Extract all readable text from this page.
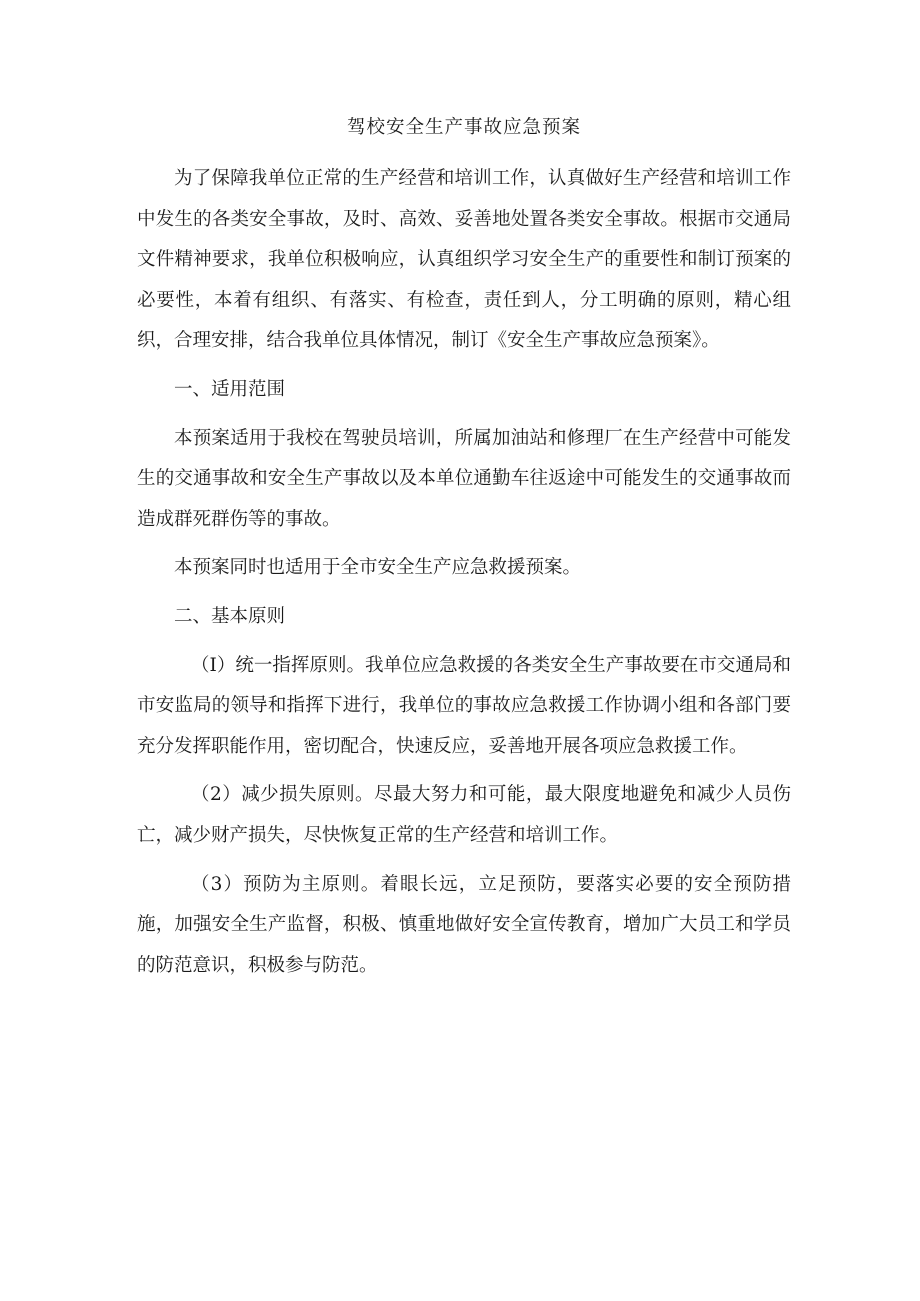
驾校安全生产事故应急预案

为了保障我单位正常的生产经营和培训工作，认真做好生产经营和培训工作中发生的各类安全事故，及时、高效、妥善地处置各类安全事故。根据市交通局文件精神要求，我单位积极响应，认真组织学习安全生产的重要性和制订预案的必要性，本着有组织、有落实、有检查，责任到人，分工明确的原则，精心组织，合理安排，结合我单位具体情况，制订《安全生产事故应急预案》。

一、适用范围

本预案适用于我校在驾驶员培训，所属加油站和修理厂在生产经营中可能发生的交通事故和安全生产事故以及本单位通勤车往返途中可能发生的交通事故而造成群死群伤等的事故。

本预案同时也适用于全市安全生产应急救援预案。

二、基本原则

（I）统一指挥原则。我单位应急救援的各类安全生产事故要在市交通局和市安监局的领导和指挥下进行，我单位的事故应急救援工作协调小组和各部门要充分发挥职能作用，密切配合，快速反应，妥善地开展各项应急救援工作。

（2）减少损失原则。尽最大努力和可能，最大限度地避免和减少人员伤亡，减少财产损失，尽快恢复正常的生产经营和培训工作。

（3）预防为主原则。着眼长远，立足预防，要落实必要的安全预防措施，加强安全生产监督，积极、慎重地做好安全宣传教育，增加广大员工和学员的防范意识，积极参与防范。
